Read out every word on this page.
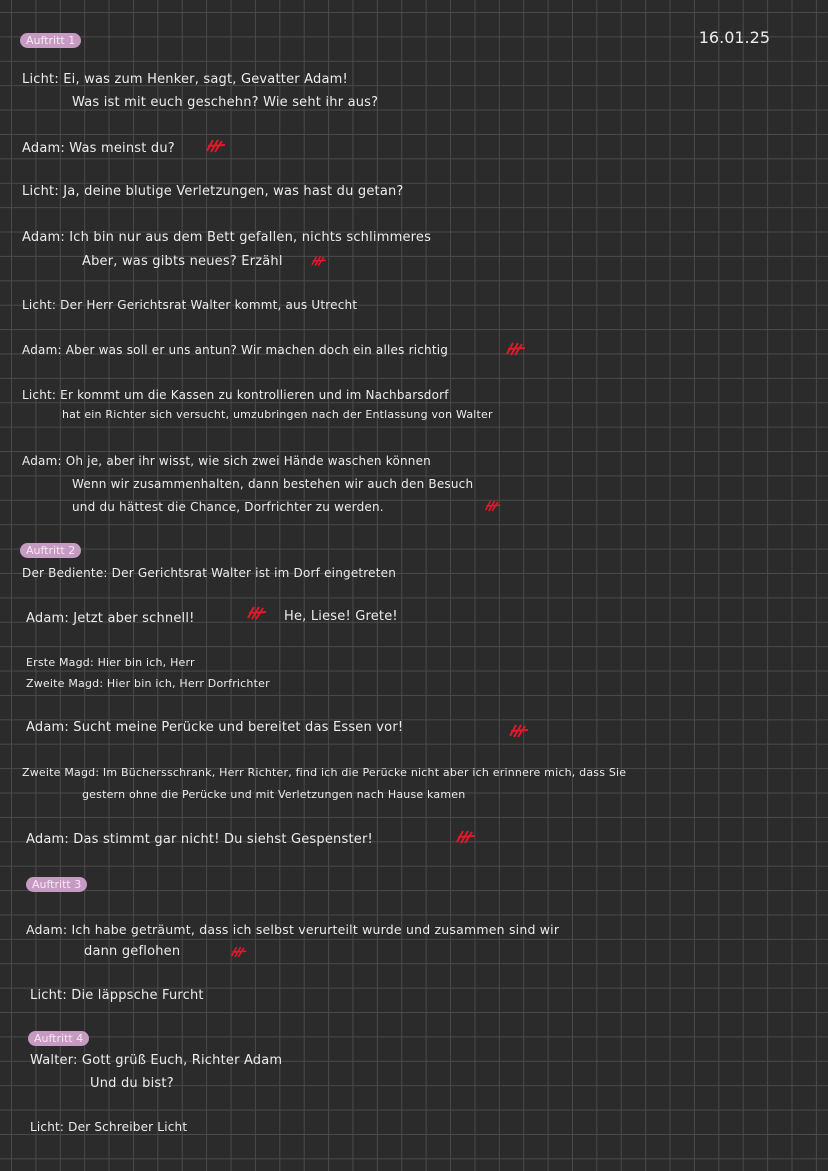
16.01.25
Auftritt 1
Licht: Ei, was zum Henker, sagt, Gevatter Adam!
Was ist mit euch geschehn? Wie seht ihr aus?
Adam: Was meinst du?
Licht: Ja, deine blutige Verletzungen, was hast du getan?
Adam: Ich bin nur aus dem Bett gefallen, nichts schlimmeres
Aber, was gibts neues? Erzähl
Licht: Der Herr Gerichtsrat Walter kommt, aus Utrecht
Adam: Aber was soll er uns antun? Wir machen doch ein alles richtig
Licht: Er kommt um die Kassen zu kontrollieren und im Nachbarsdorf
hat ein Richter sich versucht, umzubringen nach der Entlassung von Walter
Adam: Oh je, aber ihr wisst, wie sich zwei Hände waschen können
Wenn wir zusammenhalten, dann bestehen wir auch den Besuch
und du hättest die Chance, Dorfrichter zu werden.
Auftritt 2
Der Bediente: Der Gerichtsrat Walter ist im Dorf eingetreten
Adam: Jetzt aber schnell!	He, Liese! Grete!
Erste Magd: Hier bin ich, Herr
Zweite Magd: Hier bin ich, Herr Dorfrichter
Adam: Sucht meine Perücke und bereitet das Essen vor!
Zweite Magd: Im Büchersschrank, Herr Richter, find ich die Perücke nicht aber ich erinnere mich, dass Sie
gestern ohne die Perücke und mit Verletzungen nach Hause kamen
Adam: Das stimmt gar nicht! Du siehst Gespenster!
Auftritt 3
Adam: Ich habe geträumt, dass ich selbst verurteilt wurde und zusammen sind wir
dann geflohen
Licht: Die läppsche Furcht
Auftritt 4
Walter: Gott grüß Euch, Richter Adam
Und du bist?
Licht: Der Schreiber Licht
